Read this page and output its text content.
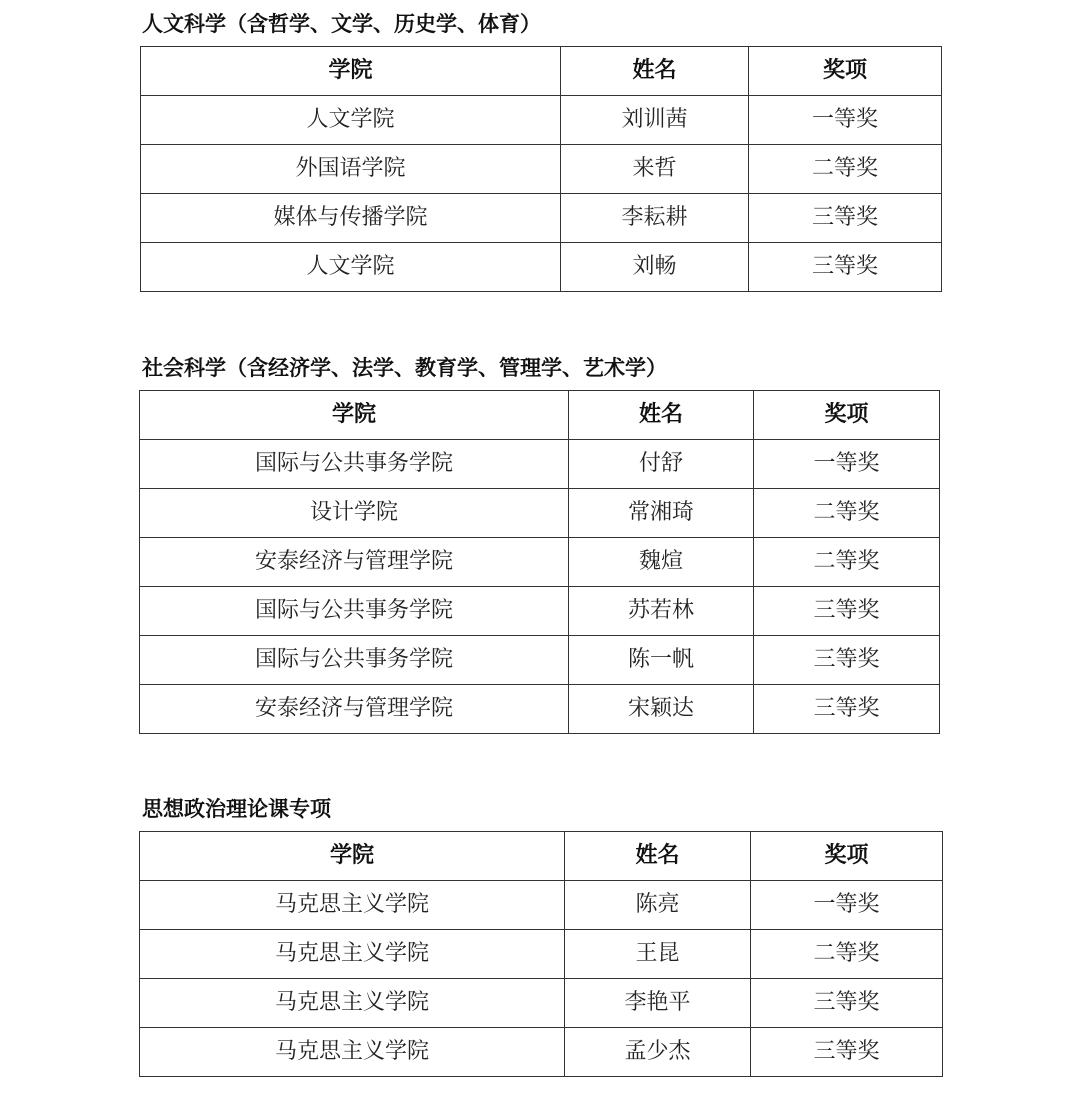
人文科学（含哲学、文学、历史学、体育）
学院	姓名	奖项
人文学院	刘训茜	一等奖
外国语学院	来哲	二等奖
媒体与传播学院	李耘耕	三等奖
人文学院	刘畅	三等奖
社会科学（含经济学、法学、教育学、管理学、艺术学）
学院	姓名	奖项
国际与公共事务学院	付舒	一等奖
设计学院	常湘琦	二等奖
安泰经济与管理学院	魏煊	二等奖
国际与公共事务学院	苏若林	三等奖
国际与公共事务学院	陈一帆	三等奖
安泰经济与管理学院	宋颖达	三等奖
思想政治理论课专项
学院	姓名	奖项
马克思主义学院	陈亮	一等奖
马克思主义学院	王昆	二等奖
马克思主义学院	李艳平	三等奖
马克思主义学院	孟少杰	三等奖
